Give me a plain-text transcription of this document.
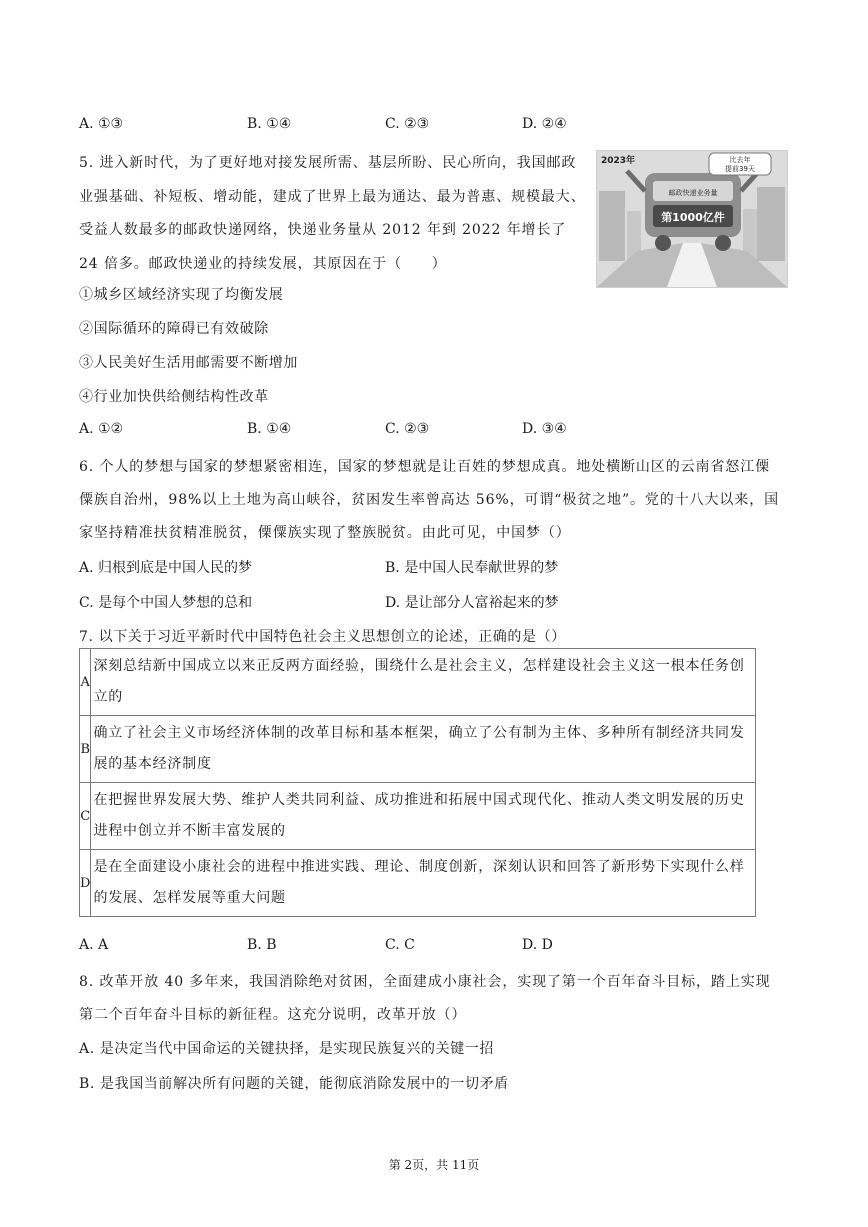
A. ①③	B. ①④	C. ②③	D. ②④
5. 进入新时代，为了更好地对接发展所需、基层所盼、民心所向，我国邮政业强基础、补短板、增动能，建成了世界上最为通达、最为普惠、规模最大、受益人数最多的邮政快递网络，快递业务量从 2012 年到 2022 年增长了 24 倍多。邮政快递业的持续发展，其原因在于（　　）
比去年
提前39天
2023年
邮政快递业务量
第1000亿件
①城乡区域经济实现了均衡发展
②国际循环的障碍已有效破除
③人民美好生活用邮需要不断增加
④行业加快供给侧结构性改革
A. ①②	B. ①④	C. ②③	D. ③④
6. 个人的梦想与国家的梦想紧密相连，国家的梦想就是让百姓的梦想成真。地处横断山区的云南省怒江傈僳族自治州，98%以上土地为高山峡谷，贫困发生率曾高达 56%，可谓“极贫之地”。党的十八大以来，国家坚持精准扶贫精准脱贫，傈僳族实现了整族脱贫。由此可见，中国梦（）
A. 归根到底是中国人民的梦	B. 是中国人民奉献世界的梦
C. 是每个中国人梦想的总和	D. 是让部分人富裕起来的梦
7. 以下关于习近平新时代中国特色社会主义思想创立的论述，正确的是（）
A	深刻总结新中国成立以来正反两方面经验，围绕什么是社会主义，怎样建设社会主义这一根本任务创立的
B	确立了社会主义市场经济体制的改革目标和基本框架，确立了公有制为主体、多种所有制经济共同发展的基本经济制度
C	在把握世界发展大势、维护人类共同利益、成功推进和拓展中国式现代化、推动人类文明发展的历史进程中创立并不断丰富发展的
D	是在全面建设小康社会的进程中推进实践、理论、制度创新，深刻认识和回答了新形势下实现什么样的发展、怎样发展等重大问题
A. A	B. B	C. C	D. D
8. 改革开放 40 多年来，我国消除绝对贫困，全面建成小康社会，实现了第一个百年奋斗目标，踏上实现第二个百年奋斗目标的新征程。这充分说明，改革开放（）
A. 是决定当代中国命运的关键抉择，是实现民族复兴的关键一招
B. 是我国当前解决所有问题的关键，能彻底消除发展中的一切矛盾
第 2页，共 11页
